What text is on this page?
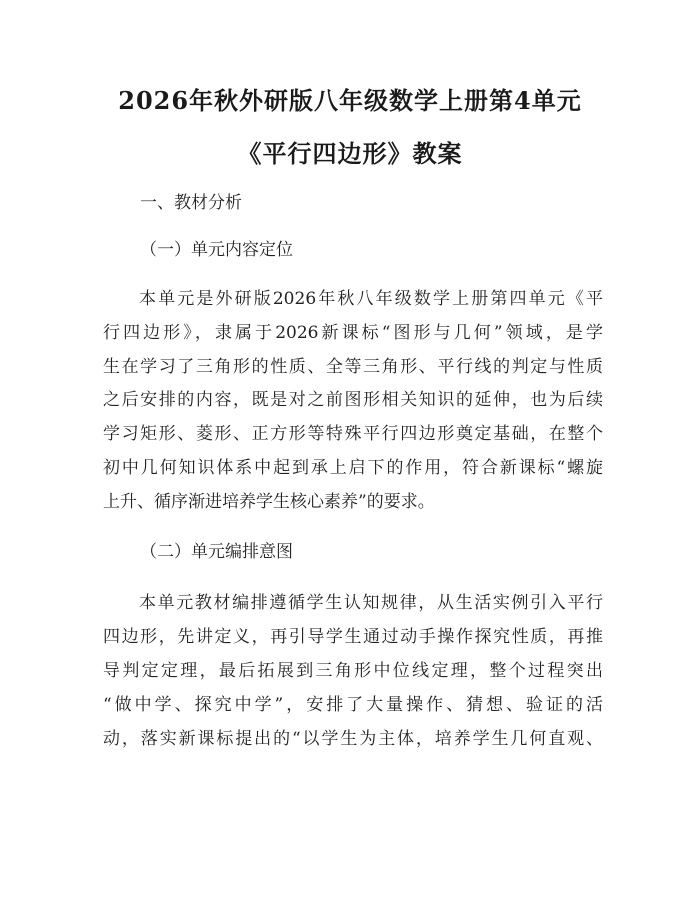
2026年秋外研版八年级数学上册第4单元
《平行四边形》教案
一、教材分析
（一）单元内容定位
本单元是外研版2026年秋八年级数学上册第四单元《平
行四边形》，隶属于2026新课标“图形与几何”领域，是学
生在学习了三角形的性质、全等三角形、平行线的判定与性质
之后安排的内容，既是对之前图形相关知识的延伸，也为后续
学习矩形、菱形、正方形等特殊平行四边形奠定基础，在整个
初中几何知识体系中起到承上启下的作用，符合新课标“螺旋
上升、循序渐进培养学生核心素养”的要求。
（二）单元编排意图
本单元教材编排遵循学生认知规律，从生活实例引入平行
四边形，先讲定义，再引导学生通过动手操作探究性质，再推
导判定定理，最后拓展到三角形中位线定理，整个过程突出
“做中学、探究中学”，安排了大量操作、猜想、验证的活
动，落实新课标提出的“以学生为主体，培养学生几何直观、
